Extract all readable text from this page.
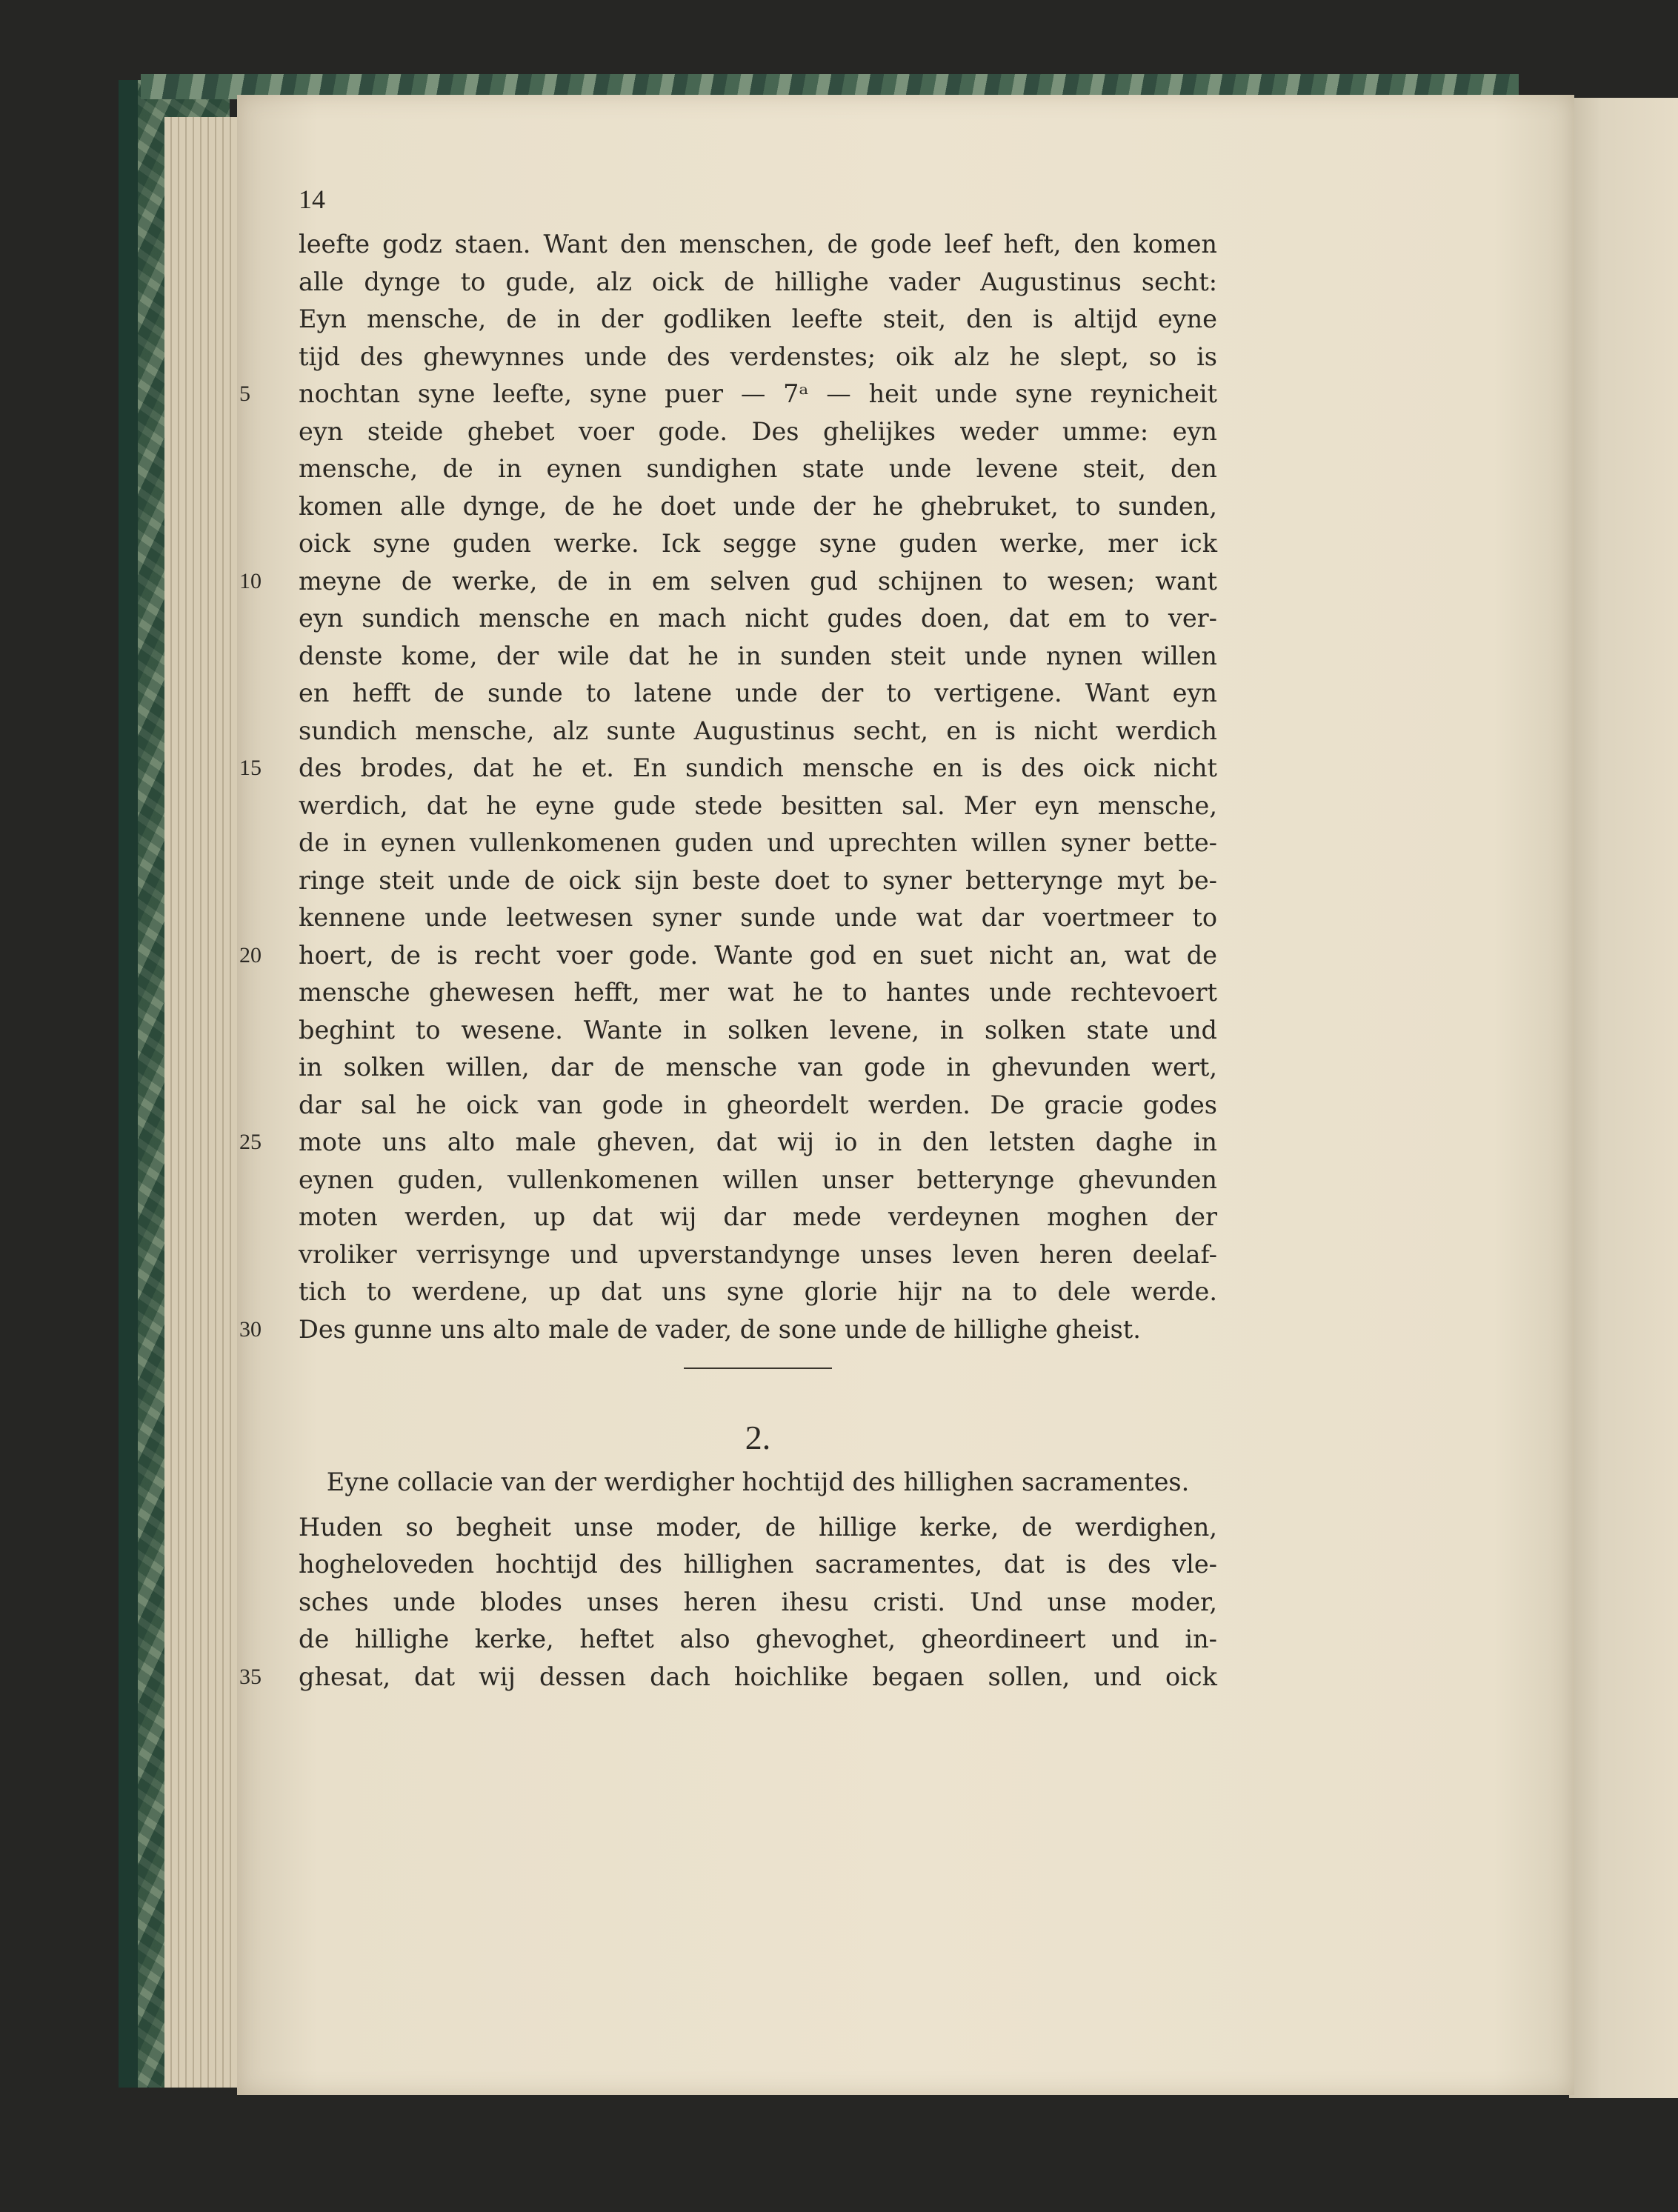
14
leefte godz staen. Want den menschen, de gode leef heft, den komen
alle dynge to gude, alz oick de hillighe vader Augustinus secht:
Eyn mensche, de in der godliken leefte steit, den is altijd eyne
tijd des ghewynnes unde des verdenstes; oik alz he slept, so is
5	nochtan syne leefte, syne puer — 7ᵃ — heit unde syne reynicheit
eyn steide ghebet voer gode. Des ghelijkes weder umme: eyn
mensche, de in eynen sundighen state unde levene steit, den
komen alle dynge, de he doet unde der he ghebruket, to sunden,
oick syne guden werke. Ick segge syne guden werke, mer ick
10	meyne de werke, de in em selven gud schijnen to wesen; want
eyn sundich mensche en mach nicht gudes doen, dat em to ver-
denste kome, der wile dat he in sunden steit unde nynen willen
en hefft de sunde to latene unde der to vertigene. Want eyn
sundich mensche, alz sunte Augustinus secht, en is nicht werdich
15	des brodes, dat he et. En sundich mensche en is des oick nicht
werdich, dat he eyne gude stede besitten sal. Mer eyn mensche,
de in eynen vullenkomenen guden und uprechten willen syner bette-
ringe steit unde de oick sijn beste doet to syner betterynge myt be-
kennene unde leetwesen syner sunde unde wat dar voertmeer to
20	hoert, de is recht voer gode. Wante god en suet nicht an, wat de
mensche ghewesen hefft, mer wat he to hantes unde rechtevoert
beghint to wesene. Wante in solken levene, in solken state und
in solken willen, dar de mensche van gode in ghevunden wert,
dar sal he oick van gode in gheordelt werden. De gracie godes
25	mote uns alto male gheven, dat wij io in den letsten daghe in
eynen guden, vullenkomenen willen unser betterynge ghevunden
moten werden, up dat wij dar mede verdeynen moghen der
vroliker verrisynge und upverstandynge unses leven heren deelaf-
tich to werdene, up dat uns syne glorie hijr na to dele werde.
30	Des gunne uns alto male de vader, de sone unde de hillighe gheist.
2.
Eyne collacie van der werdigher hochtijd des hillighen sacramentes.
Huden so begheit unse moder, de hillige kerke, de werdighen,
hogheloveden hochtijd des hillighen sacramentes, dat is des vle-
sches unde blodes unses heren ihesu cristi. Und unse moder,
de hillighe kerke, heftet also ghevoghet, gheordineert und in-
35	ghesat, dat wij dessen dach hoichlike begaen sollen, und oick
